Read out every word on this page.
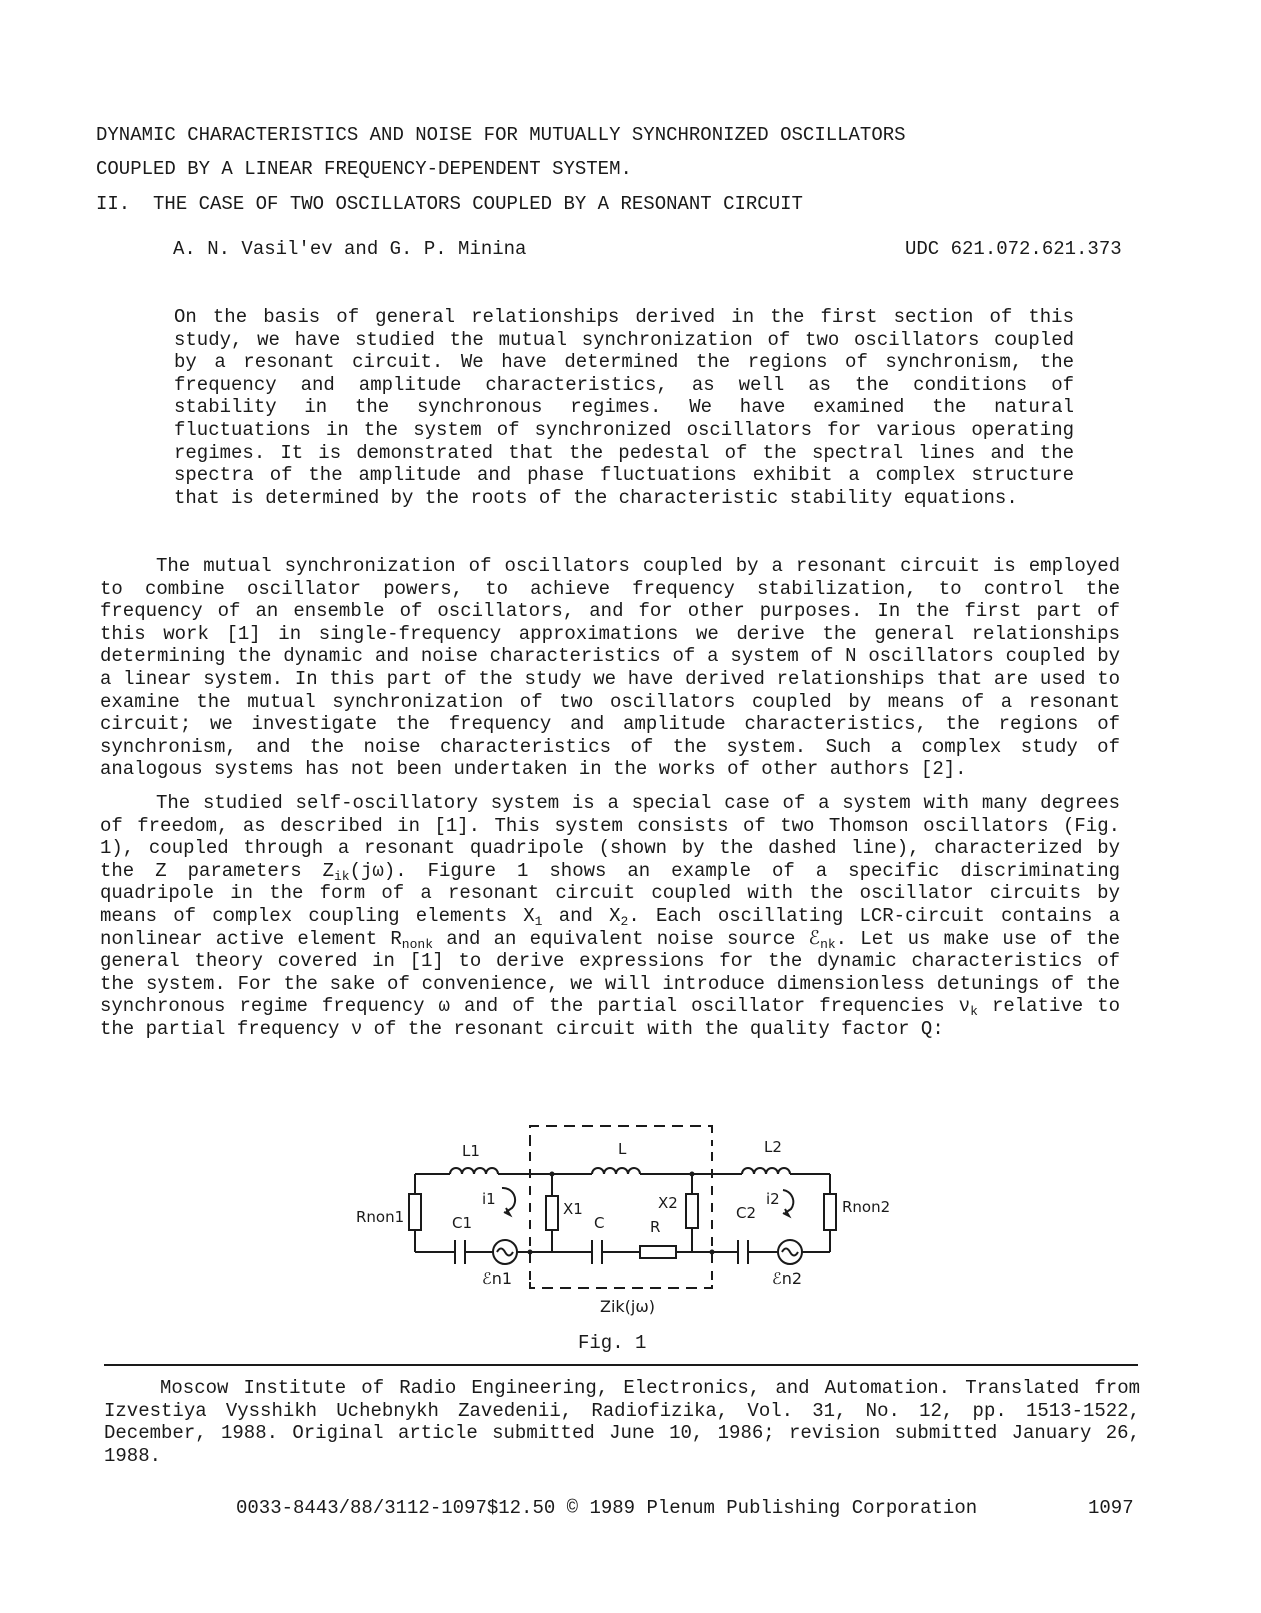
DYNAMIC CHARACTERISTICS AND NOISE FOR MUTUALLY SYNCHRONIZED OSCILLATORS
COUPLED BY A LINEAR FREQUENCY-DEPENDENT SYSTEM.
II.  THE CASE OF TWO OSCILLATORS COUPLED BY A RESONANT CIRCUIT
A. N. Vasil'ev and G. P. Minina	UDC 621.072.621.373

On the basis of general relationships derived in the first section of this study, we have studied the mutual synchronization of two oscillators coupled by a resonant circuit. We have determined the regions of synchronism, the frequency and amplitude characteristics, as well as the conditions of stability in the synchronous regimes. We have examined the natural fluctuations in the system of synchronized oscillators for various operating regimes. It is demonstrated that the pedestal of the spectral lines and the spectra of the amplitude and phase fluctuations exhibit a complex structure that is determined by the roots of the characteristic stability equations.

The mutual synchronization of oscillators coupled by a resonant circuit is employed to combine oscillator powers, to achieve frequency stabilization, to control the frequency of an ensemble of oscillators, and for other purposes. In the first part of this work [1] in single-frequency approximations we derive the general relationships determining the dynamic and noise characteristics of a system of N oscillators coupled by a linear system. In this part of the study we have derived relationships that are used to examine the mutual synchronization of two oscillators coupled by means of a resonant circuit; we investigate the frequency and amplitude characteristics, the regions of synchronism, and the noise characteristics of the system. Such a complex study of analogous systems has not been undertaken in the works of other authors [2].

The studied self-oscillatory system is a special case of a system with many degrees of freedom, as described in [1]. This system consists of two Thomson oscillators (Fig. 1), coupled through a resonant quadripole (shown by the dashed line), characterized by the Z parameters $Z_{ik}(j\omega)$. Figure 1 shows an example of a specific discriminating quadripole in the form of a resonant circuit coupled with the oscillator circuits by means of complex coupling elements $X_1$ and $X_2$. Each oscillating LCR-circuit contains a nonlinear active element $R_{nonk}$ and an equivalent noise source ℰ$_{nk}$. Let us make use of the general theory covered in [1] to derive expressions for the dynamic characteristics of the system. For the sake of convenience, we will introduce dimensionless detunings of the synchronous regime frequency ω and of the partial oscillator frequencies $\nu_k$ relative to the partial frequency ν of the resonant circuit with the quality factor Q:

L1	L	L2
Rnon1
Rnon2
C1	C
C2
X1	X2
R
i1	i2
ℰn1	ℰn2
Zik(jω)
Fig. 1

Moscow Institute of Radio Engineering, Electronics, and Automation. Translated from Izvestiya Vysshikh Uchebnykh Zavedenii, Radiofizika, Vol. 31, No. 12, pp. 1513-1522, December, 1988. Original article submitted June 10, 1986; revision submitted January 26, 1988.

0033-8443/88/3112-1097$12.50 © 1989 Plenum Publishing Corporation	1097
